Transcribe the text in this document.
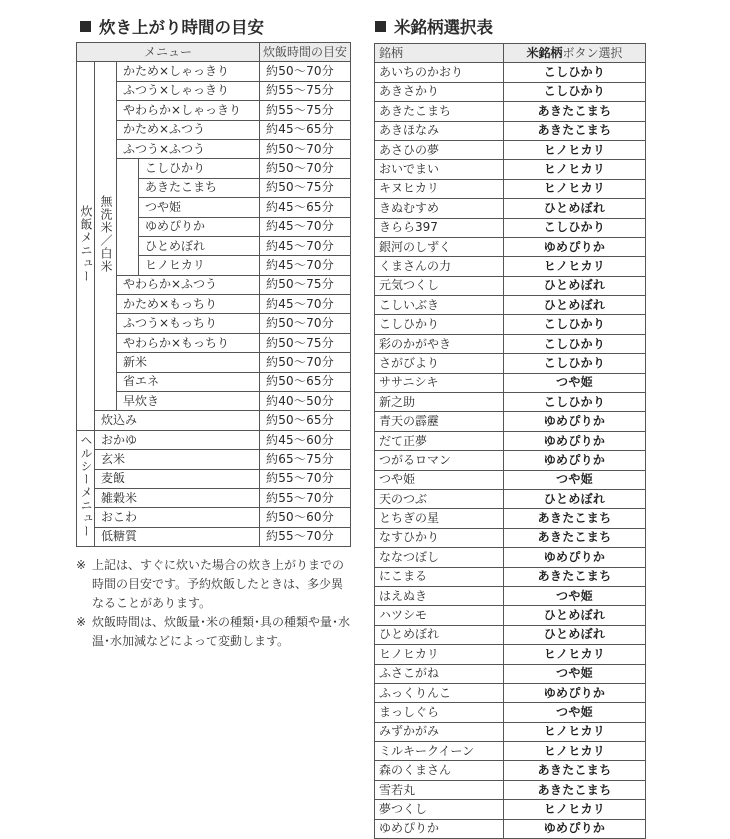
炊き上がり時間の目安
メニュー				炊飯時間の目安
炊飯メニュー	無洗米／白米	かため×しゃっきり		約50～70分
		ふつう×しゃっきり		約55～75分
		やわらか×しゃっきり		約55～75分
		かため×ふつう		約45～65分
		ふつう×ふつう		約50～70分
			こしひかり	約50～70分
			あきたこまち	約50～75分
			つや姫	約45～65分
			ゆめぴりか	約45～70分
			ひとめぼれ	約45～70分
			ヒノヒカリ	約45～70分
		やわらか×ふつう		約50～75分
		かため×もっちり		約45～70分
		ふつう×もっちり		約50～70分
		やわらか×もっちり		約50～75分
		新米		約50～70分
		省エネ		約50～65分
		早炊き		約40～50分
	炊込み			約50～65分
ヘルシーメニュー	おかゆ			約45～60分
	玄米			約65～75分
	麦飯			約55～70分
	雑穀米			約55～70分
	おこわ			約50～60分
	低糖質			約55～70分
※ 上記は、すぐに炊いた場合の炊き上がりまでの時間の目安です。予約炊飯したときは、多少異なることがあります。
※ 炊飯時間は、炊飯量･米の種類･具の種類や量･水温･水加減などによって変動します。
米銘柄選択表
銘柄	米銘柄ボタン選択
あいちのかおり	こしひかり
あきさかり	こしひかり
あきたこまち	あきたこまち
あきほなみ	あきたこまち
あさひの夢	ヒノヒカリ
おいでまい	ヒノヒカリ
キヌヒカリ	ヒノヒカリ
きぬむすめ	ひとめぼれ
きらら397	こしひかり
銀河のしずく	ゆめぴりか
くまさんの力	ヒノヒカリ
元気つくし	ひとめぼれ
こしいぶき	ひとめぼれ
こしひかり	こしひかり
彩のかがやき	こしひかり
さがびより	こしひかり
ササニシキ	つや姫
新之助	こしひかり
青天の霹靂	ゆめぴりか
だて正夢	ゆめぴりか
つがるロマン	ゆめぴりか
つや姫	つや姫
天のつぶ	ひとめぼれ
とちぎの星	あきたこまち
なすひかり	あきたこまち
ななつぼし	ゆめぴりか
にこまる	あきたこまち
はえぬき	つや姫
ハツシモ	ひとめぼれ
ひとめぼれ	ひとめぼれ
ヒノヒカリ	ヒノヒカリ
ふさこがね	つや姫
ふっくりんこ	ゆめぴりか
まっしぐら	つや姫
みずかがみ	ヒノヒカリ
ミルキークイーン	ヒノヒカリ
森のくまさん	あきたこまち
雪若丸	あきたこまち
夢つくし	ヒノヒカリ
ゆめぴりか	ゆめぴりか
